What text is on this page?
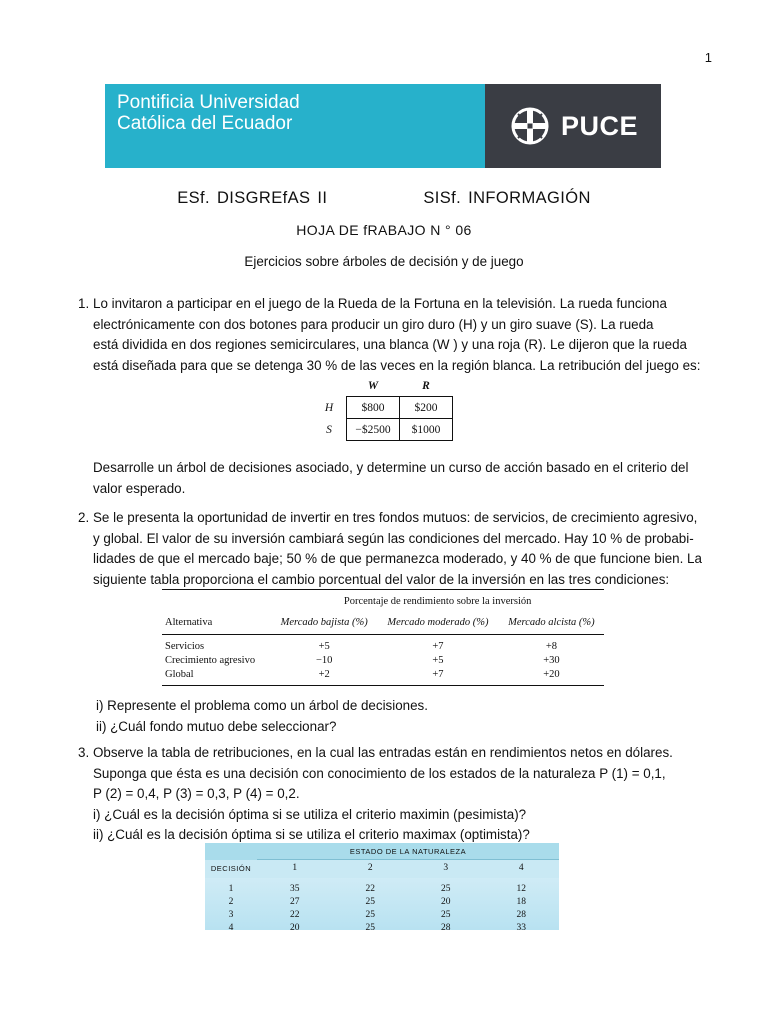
1
Pontificia Universidad
Católica del Ecuador	PUCE
ESf. DISGREfAS II	SISf. INFORMAGIÓN
HOJA DE fRABAJO N ° 06
Ejercicios sobre árboles de decisión y de juego
1. Lo invitaron a participar en el juego de la Rueda de la Fortuna en la televisión. La rueda funciona
electrónicamente con dos botones para producir un giro duro (H) y un giro suave (S). La rueda
está dividida en dos regiones semicirculares, una blanca (W ) y una roja (R). Le dijeron que la rueda
está diseñada para que se detenga 30 % de las veces en la región blanca. La retribución del juego es:
	W	R
H	$800	$200
S	−$2500	$1000
Desarrolle un árbol de decisiones asociado, y determine un curso de acción basado en el criterio del
valor esperado.
2. Se le presenta la oportunidad de invertir en tres fondos mutuos: de servicios, de crecimiento agresivo,
y global. El valor de su inversión cambiará según las condiciones del mercado. Hay 10 % de probabi-
lidades de que el mercado baje; 50 % de que permanezca moderado, y 40 % de que funcione bien. La
siguiente tabla proporciona el cambio porcentual del valor de la inversión en las tres condiciones:
	Porcentaje de rendimiento sobre la inversión		
Alternativa	Mercado bajista (%)	Mercado moderado (%)	Mercado alcista (%)
Servicios	+5	+7	+8
Crecimiento agresivo	−10	+5	+30
Global	+2	+7	+20
i) Represente el problema como un árbol de decisiones.
ii) ¿Cuál fondo mutuo debe seleccionar?
3. Observe la tabla de retribuciones, en la cual las entradas están en rendimientos netos en dólares.
Suponga que ésta es una decisión con conocimiento de los estados de la naturaleza P (1) = 0,1,
P (2) = 0,4, P (3) = 0,3, P (4) = 0,2.
i) ¿Cuál es la decisión óptima si se utiliza el criterio maximin (pesimista)?
ii) ¿Cuál es la decisión óptima si se utiliza el criterio maximax (optimista)?
	ESTADO DE LA NATURALEZA			
DECISIÓN	1	2	3	4
1	35	22	25	12
2	27	25	20	18
3	22	25	25	28
4	20	25	28	33
